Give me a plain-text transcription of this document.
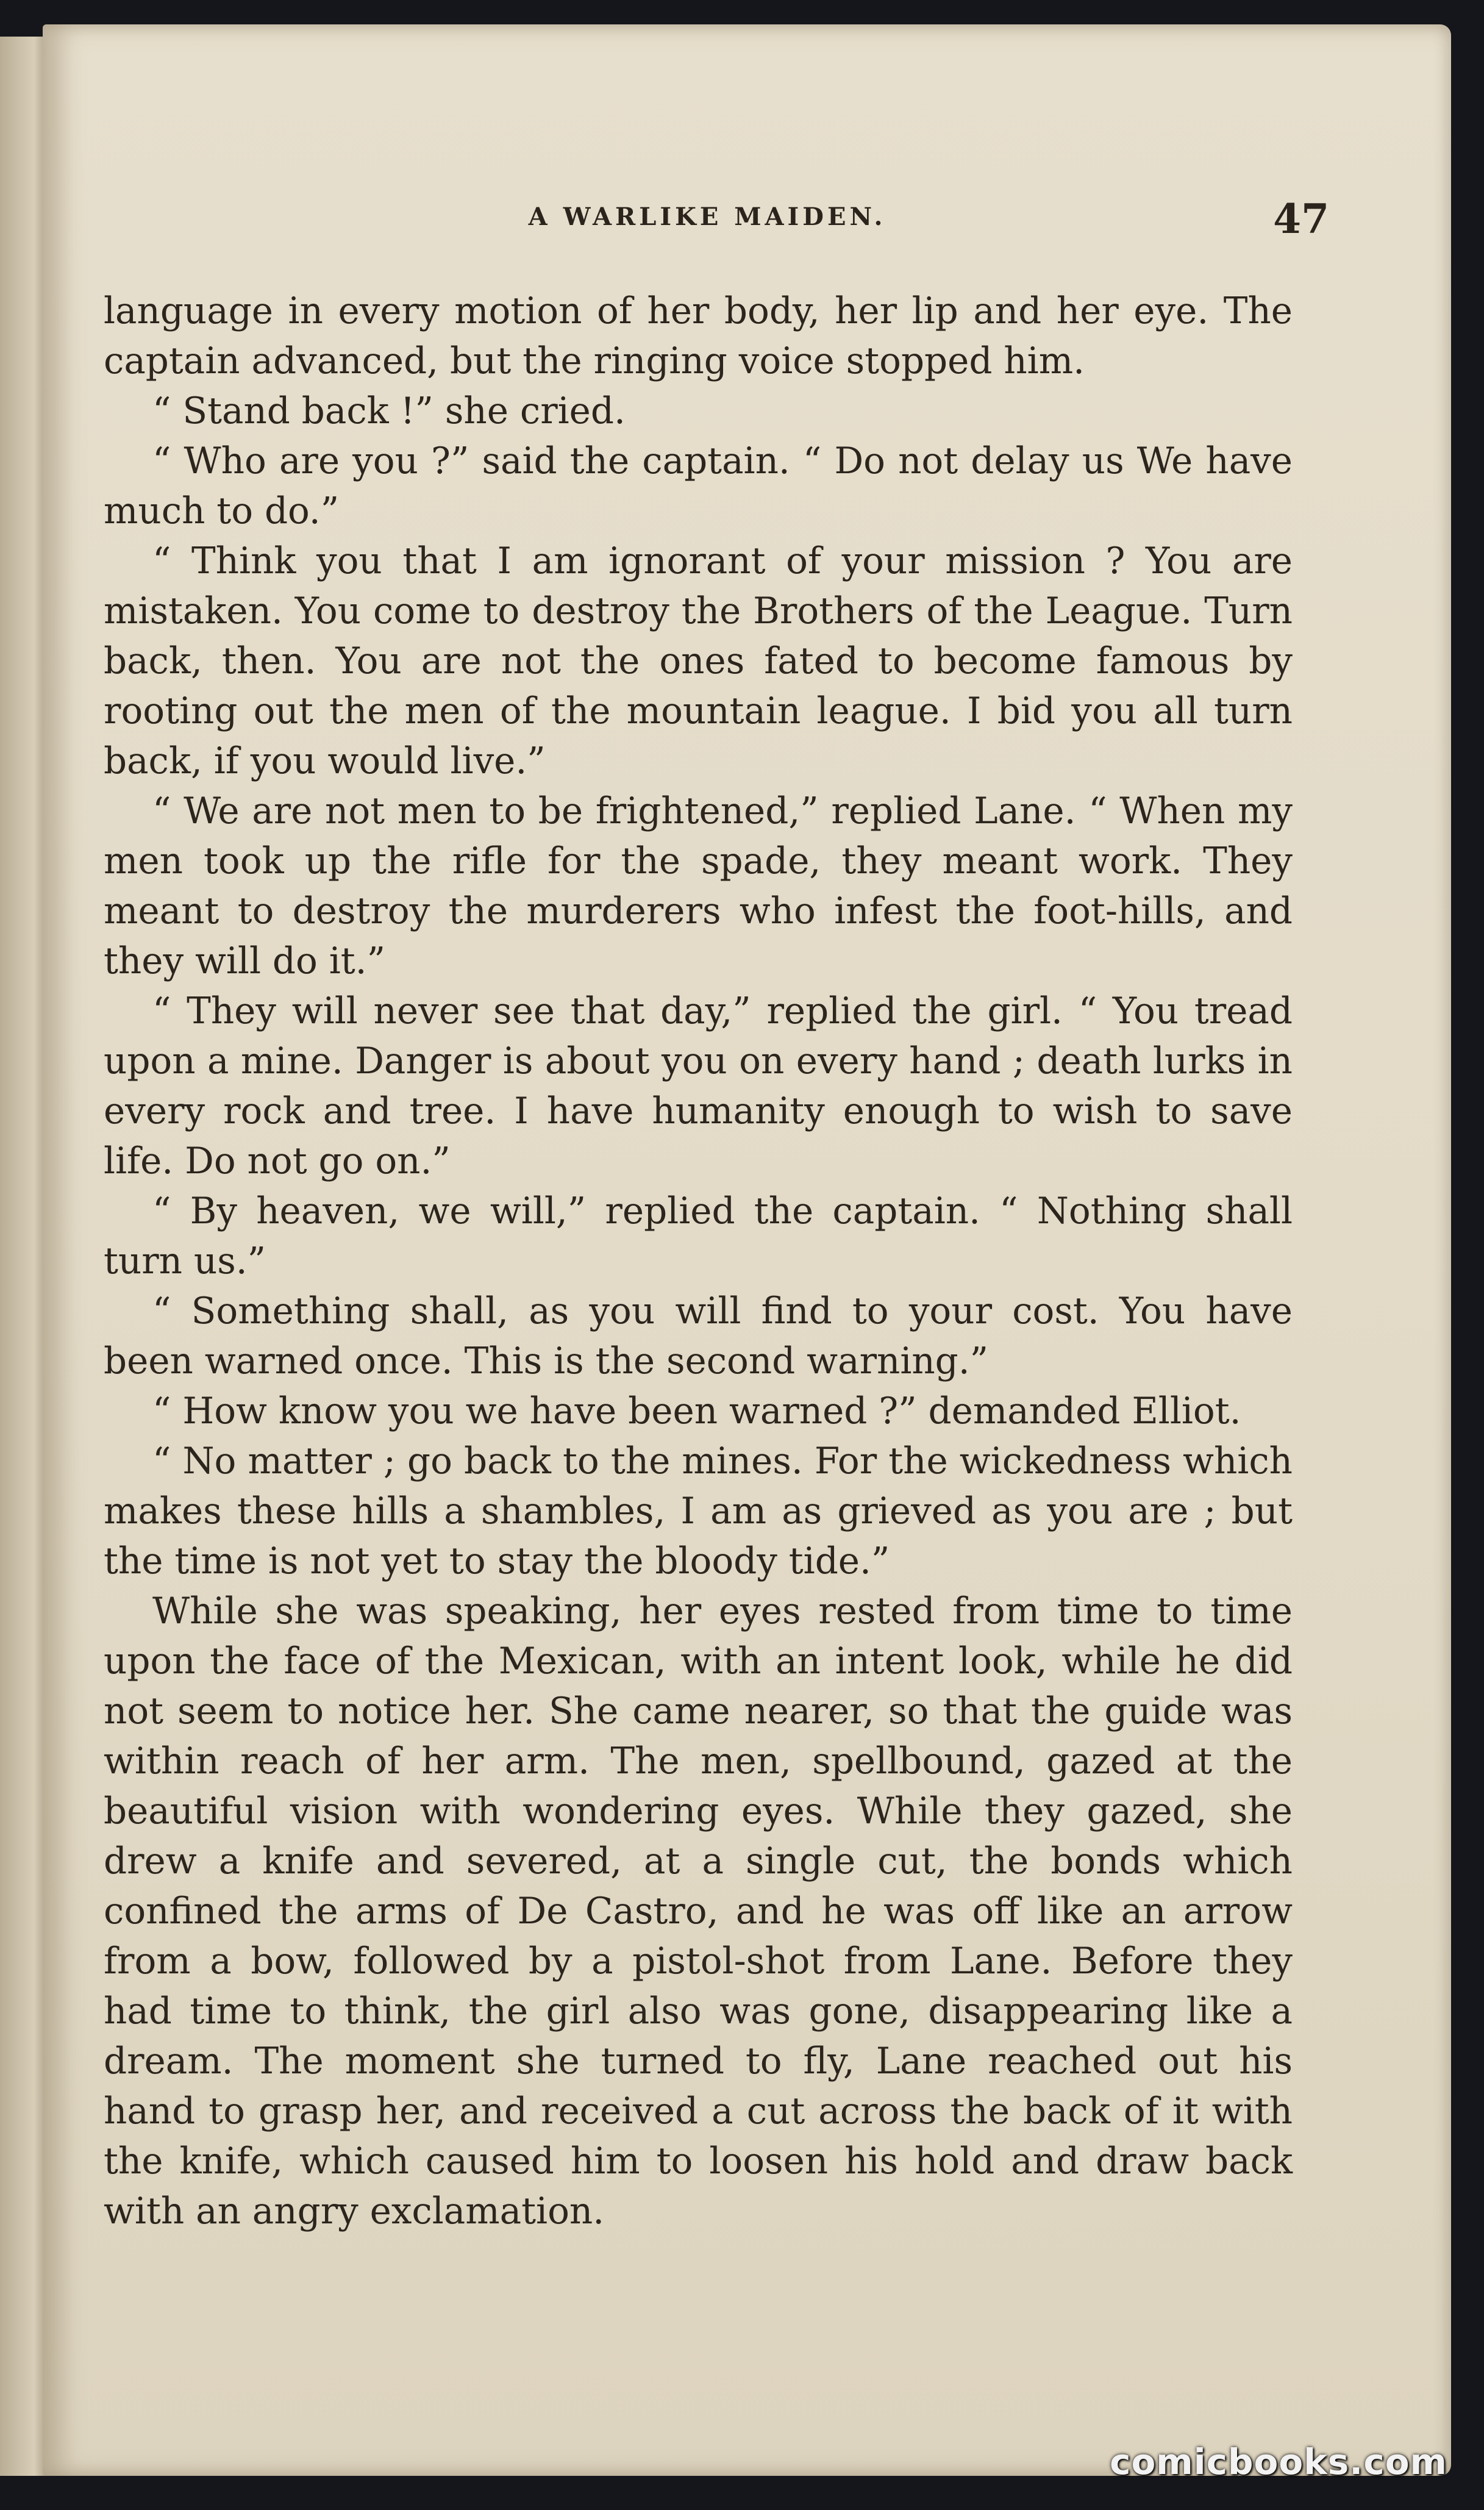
A WARLIKE MAIDEN.	47

language in every motion of her body, her lip and her eye. The captain advanced, but the ringing voice stopped him.

“ Stand back !” she cried.

“ Who are you ?” said the captain. “ Do not delay us We have much to do.”

“ Think you that I am ignorant of your mission ? You are mistaken. You come to destroy the Brothers of the League. Turn back, then. You are not the ones fated to become famous by rooting out the men of the mountain league. I bid you all turn back, if you would live.”

“ We are not men to be frightened,” replied Lane. “ When my men took up the rifle for the spade, they meant work. They meant to destroy the murderers who infest the foot-hills, and they will do it.”

“ They will never see that day,” replied the girl. “ You tread upon a mine. Danger is about you on every hand ; death lurks in every rock and tree. I have humanity enough to wish to save life. Do not go on.”

“ By heaven, we will,” replied the captain. “ Nothing shall turn us.”

“ Something shall, as you will find to your cost. You have been warned once. This is the second warning.”

“ How know you we have been warned ?” demanded Elliot.

“ No matter ; go back to the mines. For the wickedness which makes these hills a shambles, I am as grieved as you are ; but the time is not yet to stay the bloody tide.”

While she was speaking, her eyes rested from time to time upon the face of the Mexican, with an intent look, while he did not seem to notice her. She came nearer, so that the guide was within reach of her arm. The men, spellbound, gazed at the beautiful vision with wondering eyes. While they gazed, she drew a knife and severed, at a single cut, the bonds which confined the arms of De Castro, and he was off like an arrow from a bow, followed by a pistol-shot from Lane. Before they had time to think, the girl also was gone, disappearing like a dream. The moment she turned to fly, Lane reached out his hand to grasp her, and received a cut across the back of it with the knife, which caused him to loosen his hold and draw back with an angry exclamation.

comicbooks.com
